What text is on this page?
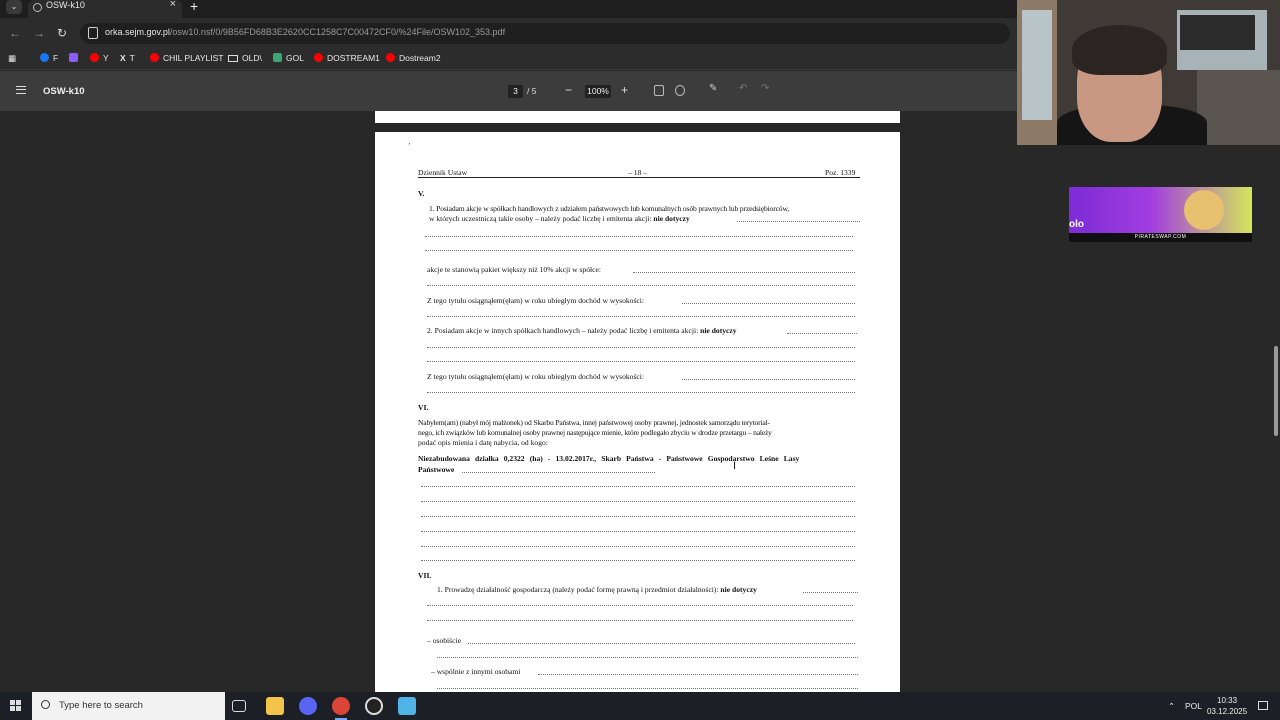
⌄	OSW-k10	× +
← → ↻	orka.sejm.gov.pl/osw10.nsf/0/9B56FD68B3E2620CC1258C7C00472CF0/%24File/OSW102_353.pdf
▦	F	Y X T	CHIL PLAYLIST	OLD\	GOL	DOSTREAM1	Dostream2
OSW-k10	3	/ 5 − 100% +	✎ ↶ ↷
'
Dziennik Ustaw	– 18 –	Poz. 1339
V.
1. Posiadam akcje w spółkach handlowych z udziałem państwowych lub komunalnych osób prawnych lub przedsiębiorców,
w których uczestniczą takie osoby – należy podać liczbę i emitenta akcji: nie dotyczy
akcje te stanowią pakiet większy niż 10% akcji w spółce:
Z tego tytułu osiągnąłem(ęłam) w roku ubiegłym dochód w wysokości:
2. Posiadam akcje w innych spółkach handlowych – należy podać liczbę i emitenta akcji: nie dotyczy
Z tego tytułu osiągnąłem(ęłam) w roku ubiegłym dochód w wysokości:
VI.
Nabyłem(am) (nabył mój małżonek) od Skarbu Państwa, innej państwowej osoby prawnej, jednostek samorządu terytorial-
nego, ich związków lub komunalnej osoby prawnej następujące mienie, które podlegało zbyciu w drodze przetargu – należy
podać opis mienia i datę nabycia, od kogo:
Niezabudowana działka 0,2322 (ha) - 13.02.2017r., Skarb Państwa - Państwowe Gospodarstwo Leśne Lasy
Państwowe
VII.
1. Prowadzę działalność gospodarczą (należy podać formę prawną i przedmiot działalności): nie dotyczy
– osobiście
– wspólnie z innymi osobami
I
olo
PIRATESWAP.COM
Type here to search	⌃ POL
10:33
03.12.2025
